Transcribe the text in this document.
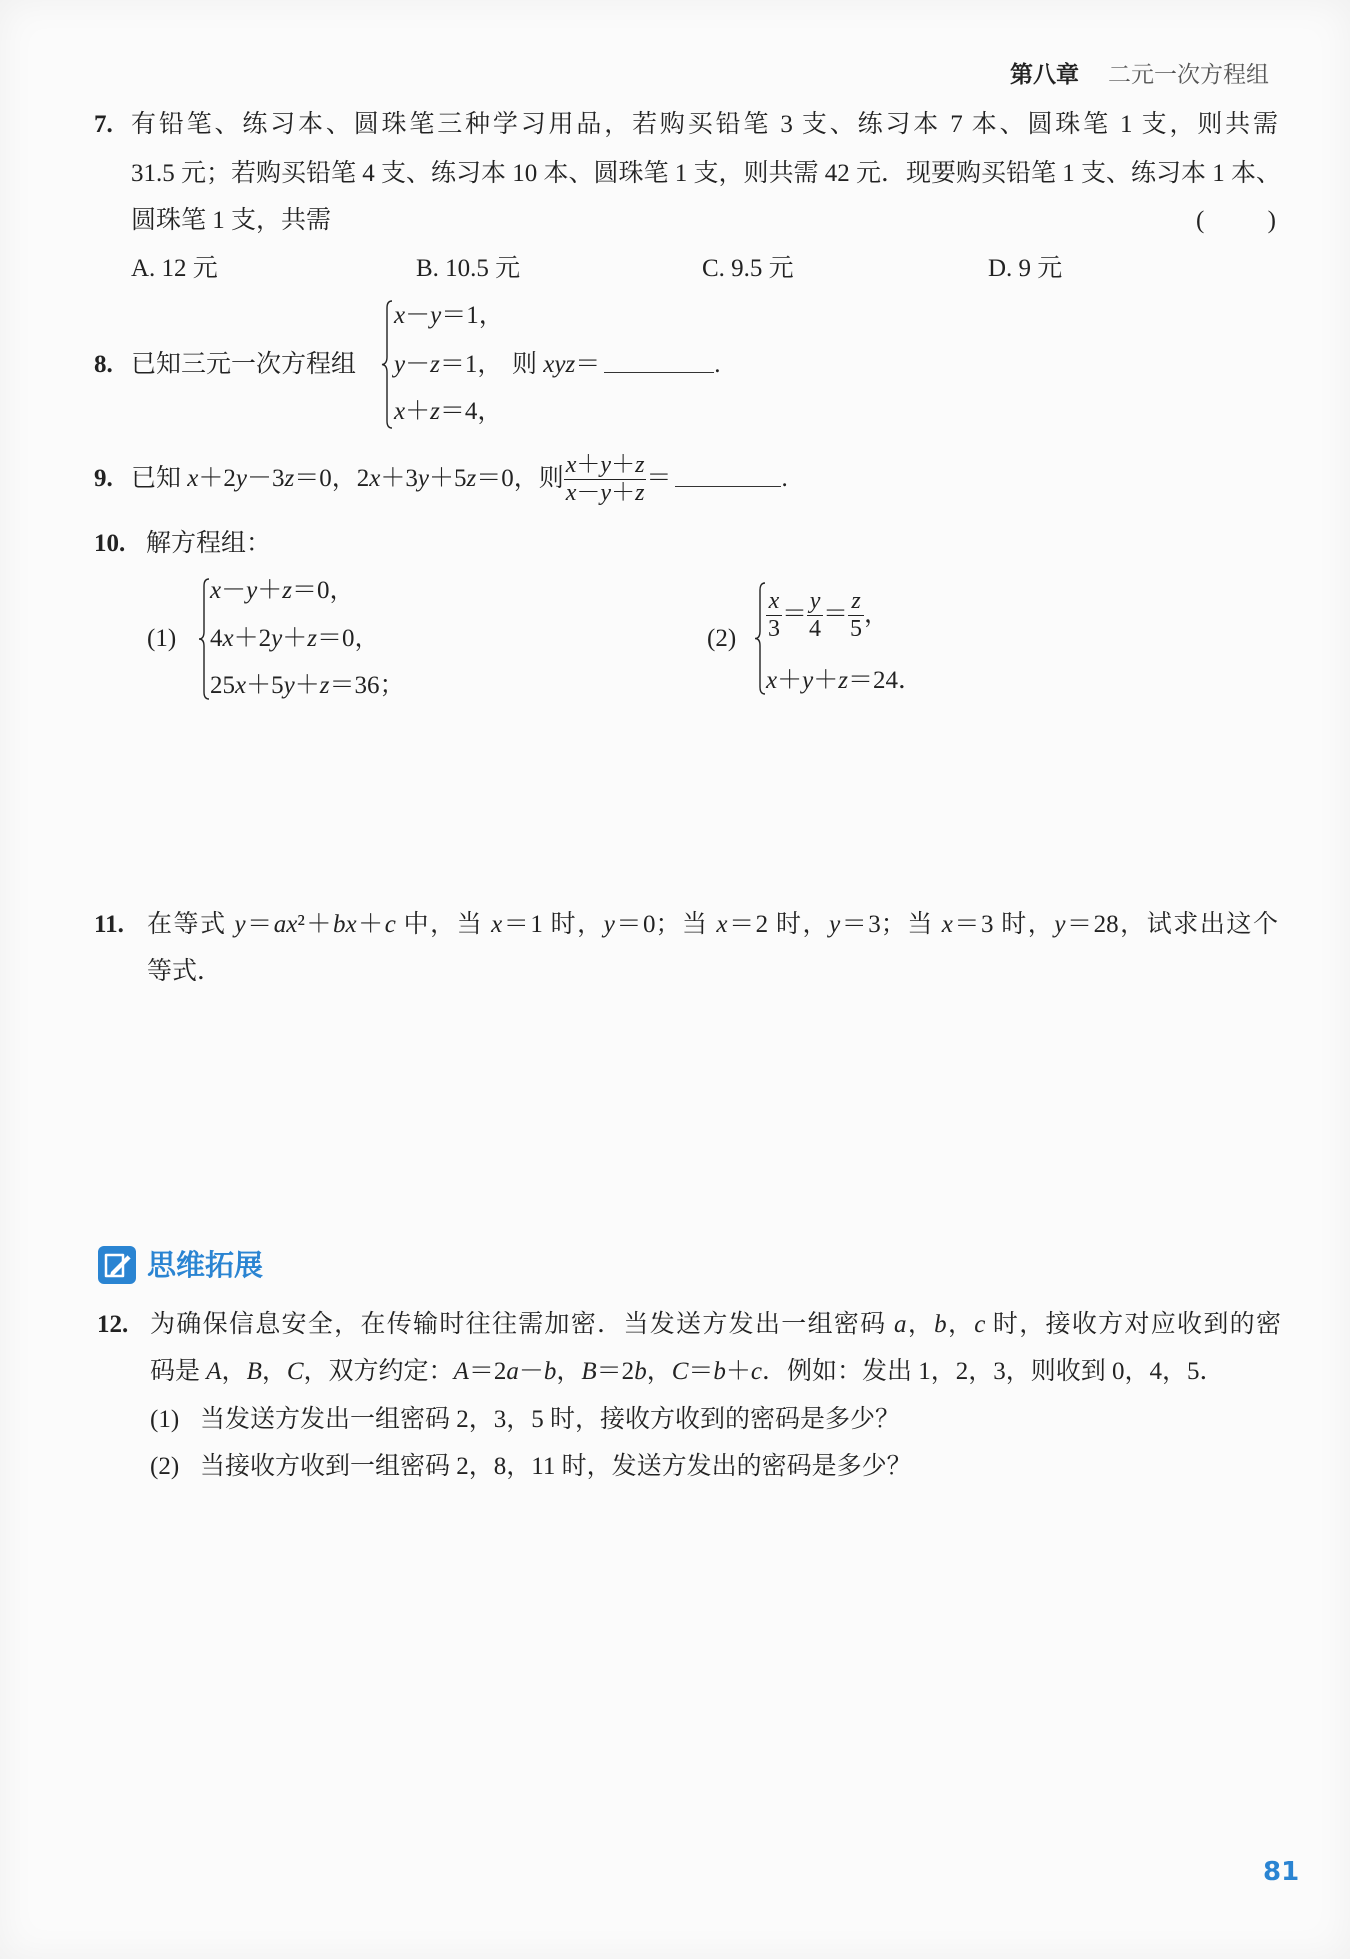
第八章 二元一次方程组
7. 有铅笔、练习本、圆珠笔三种学习用品，若购买铅笔 3 支、练习本 7 本、圆珠笔 1 支，则共需
31.5 元；若购买铅笔 4 支、练习本 10 本、圆珠笔 1 支，则共需 42 元．现要购买铅笔 1 支、练习本 1 本、
圆珠笔 1 支，共需	(　　)
A. 12 元	B. 10.5 元	C. 9.5 元	D. 9 元
8. 已知三元一次方程组
x－y＝1，
y－z＝1，
x＋z＝4，
则 xyz＝	.
9. 已知 x＋2y－3z＝0，2x＋3y＋5z＝0，则 $\frac{x+y+z}{x-y+z}$ ＝	.
10. 解方程组：
(1)
x－y＋z＝0，
4x＋2y＋z＝0，
25x＋5y＋z＝36；
$(2) \frac{x}{3} = \frac{y}{4} = \frac{z}{5}$ ，
x＋y＋z＝24．
11. 在等式 y＝ax²＋bx＋c 中，当 x＝1 时，y＝0；当 x＝2 时，y＝3；当 x＝3 时，y＝28，试求出这个
等式．
思维拓展
12. 为确保信息安全，在传输时往往需加密．当发送方发出一组密码 a，b，c 时，接收方对应收到的密
码是 A，B，C，双方约定：A＝2a－b，B＝2b，C＝b＋c．例如：发出 1，2，3，则收到 0，4，5．
(1) 当发送方发出一组密码 2，3，5 时，接收方收到的密码是多少？
(2) 当接收方收到一组密码 2，8，11 时，发送方发出的密码是多少？
81
